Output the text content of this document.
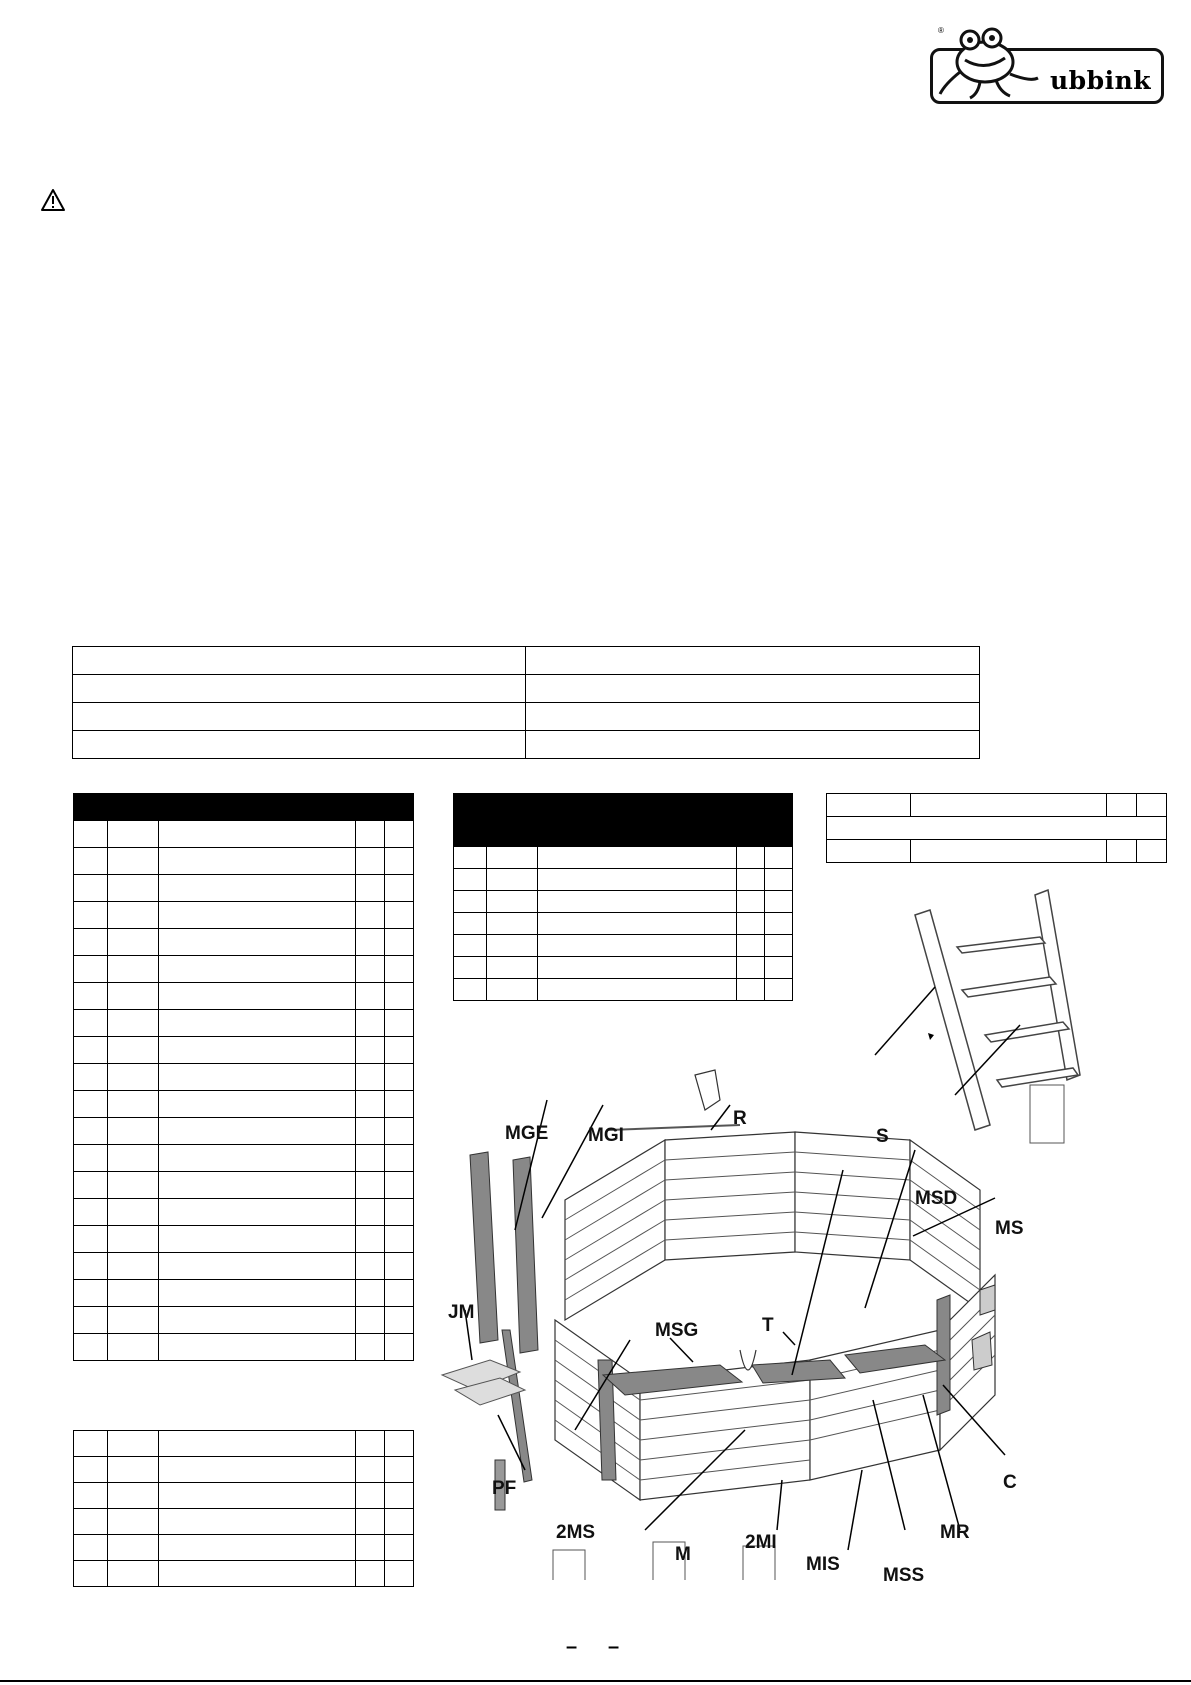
®
ubbink

MGE MGI
R
S
MSD
MS
JM
MSG	T
C
PF
2MS
M
2MI
MIS
MSS
MR
– –
